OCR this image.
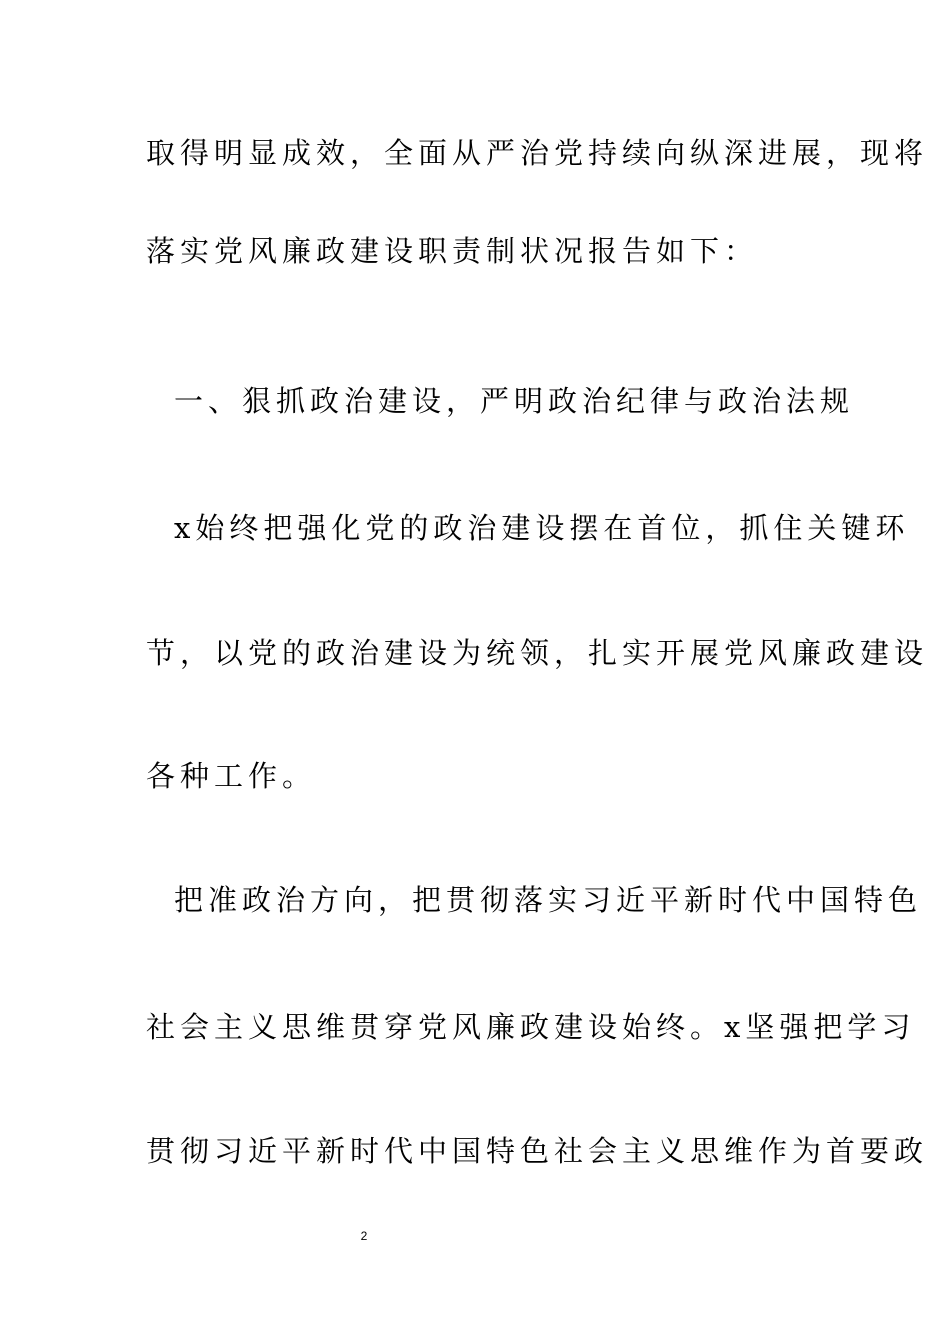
取得明显成效，全面从严治党持续向纵深进展，现将
落实党风廉政建设职责制状况报告如下：
一、狠抓政治建设，严明政治纪律与政治法规
x始终把强化党的政治建设摆在首位，抓住关键环
节，以党的政治建设为统领，扎实开展党风廉政建设
各种工作。
把准政治方向，把贯彻落实习近平新时代中国特色
社会主义思维贯穿党风廉政建设始终。x坚强把学习
贯彻习近平新时代中国特色社会主义思维作为首要政
2
